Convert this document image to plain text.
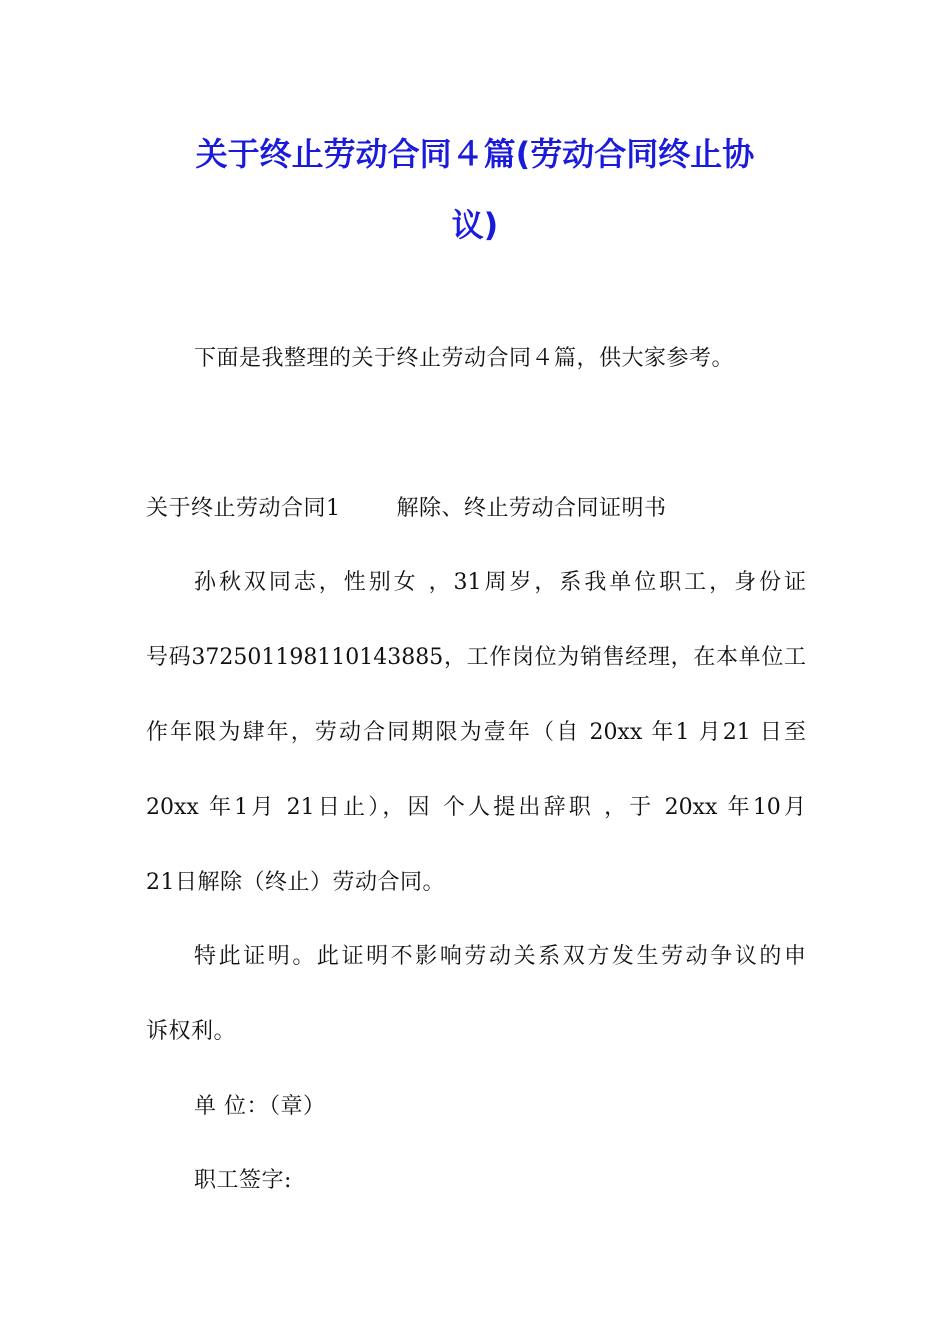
关于终止劳动合同４篇(劳动合同终止协
议)
下面是我整理的关于终止劳动合同４篇，供大家参考。
关于终止劳动合同1	解除、终止劳动合同证明书
孙秋双同志，性别女 ，31周岁，系我单位职工，身份证
号码372501198110143885，工作岗位为销售经理，在本单位工
作年限为肆年，劳动合同期限为壹年（自 20xx 年1 月21 日至
20xx 年1月 21日止），因 个人提出辞职 ，于 20xx 年10月
21日解除（终止）劳动合同。
特此证明。此证明不影响劳动关系双方发生劳动争议的申
诉权利。
单 位：（章）
职工签字:
